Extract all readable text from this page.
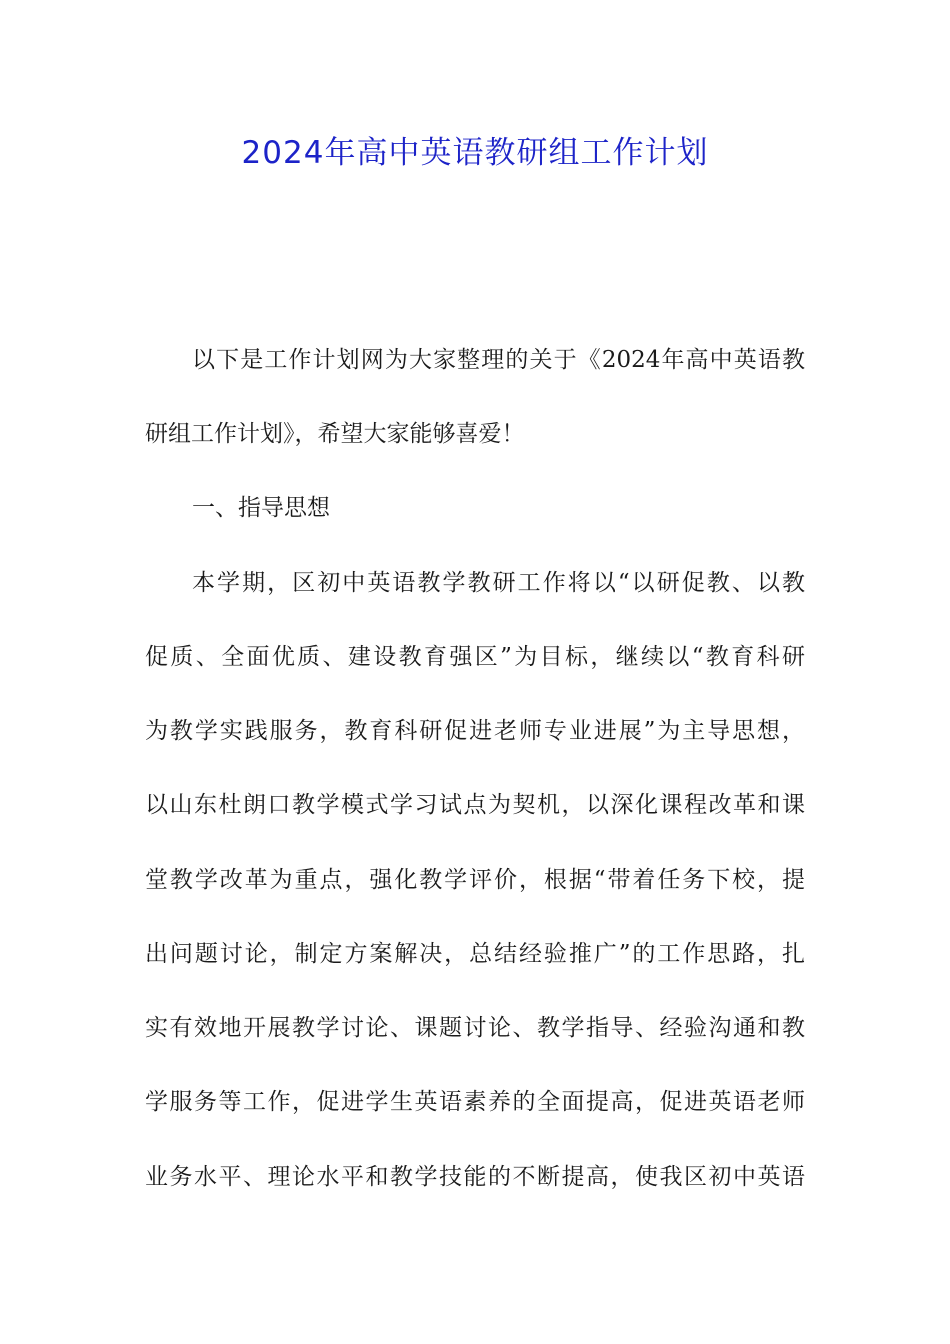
2024年高中英语教研组工作计划
以下是工作计划网为大家整理的关于《2024年高中英语教
研组工作计划》，希望大家能够喜爱！
一、指导思想
本学期，区初中英语教学教研工作将以“以研促教、以教
促质、全面优质、建设教育强区”为目标，继续以“教育科研
为教学实践服务，教育科研促进老师专业进展”为主导思想，
以山东杜朗口教学模式学习试点为契机，以深化课程改革和课
堂教学改革为重点，强化教学评价，根据“带着任务下校，提
出问题讨论，制定方案解决，总结经验推广”的工作思路，扎
实有效地开展教学讨论、课题讨论、教学指导、经验沟通和教
学服务等工作，促进学生英语素养的全面提高，促进英语老师
业务水平、理论水平和教学技能的不断提高，使我区初中英语
